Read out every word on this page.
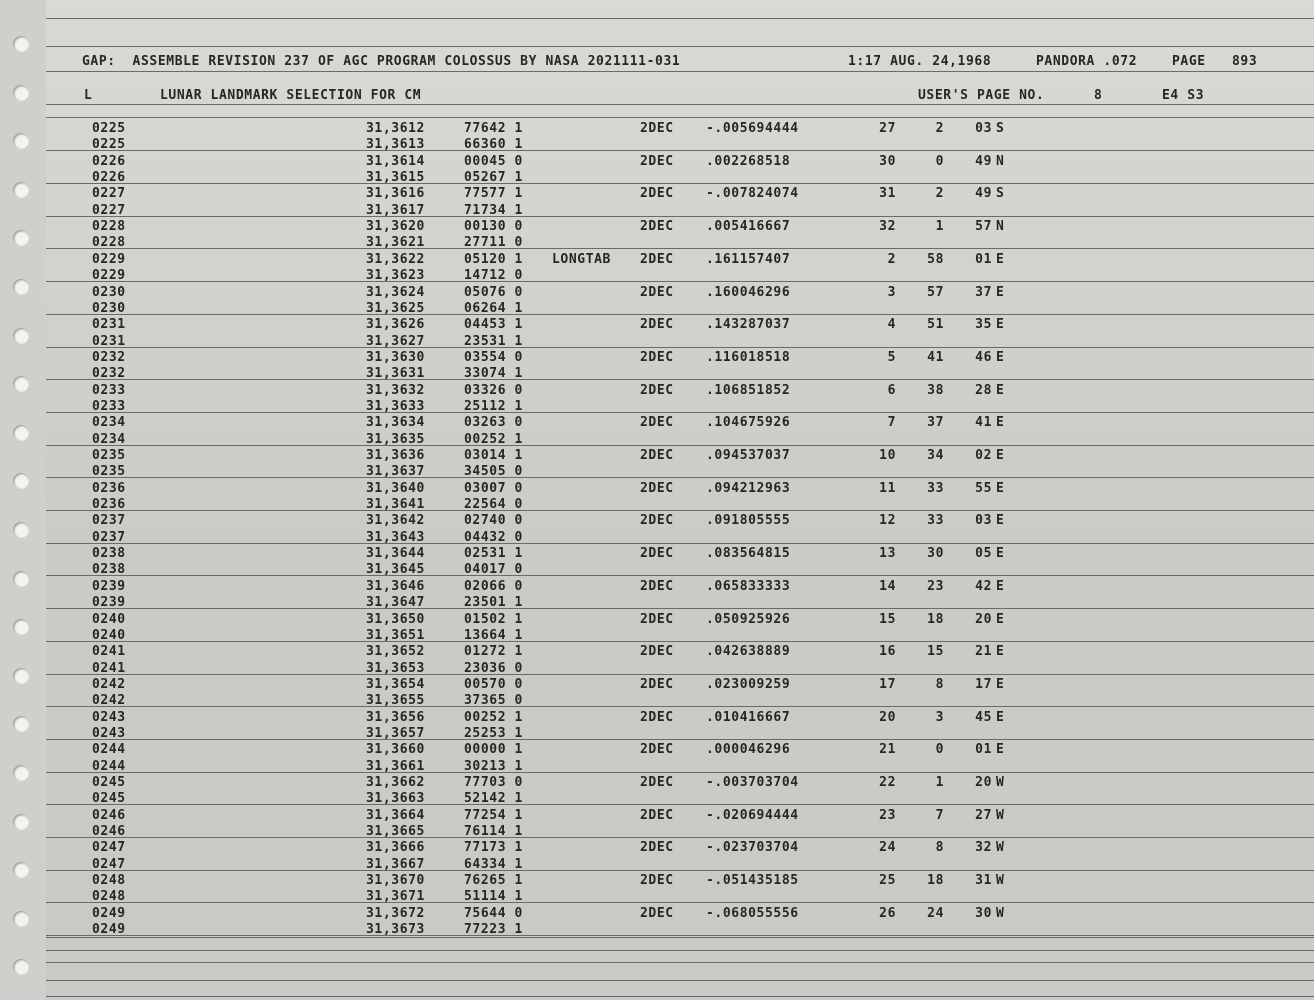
GAP:  ASSEMBLE REVISION 237 OF AGC PROGRAM COLOSSUS BY NASA 2021111-031	1:17 AUG. 24,1968	PANDORA .072	PAGE 893
L	LUNAR LANDMARK SELECTION FOR CM	USER'S PAGE NO.	8	E4 S3
0225	31,3612	77642 1	2DEC -.005694444	27	2	03 S
0225	31,3613	66360 1
0226	31,3614	00045 0	2DEC .002268518	30	0	49 N
0226	31,3615	05267 1
0227	31,3616	77577 1	2DEC -.007824074	31	2	49 S
0227	31,3617	71734 1
0228	31,3620	00130 0	2DEC .005416667	32	1	57 N
0228	31,3621	27711 0
0229	31,3622	05120 1 LONGTAB 2DEC .161157407	2	58	01 E
0229	31,3623	14712 0
0230	31,3624	05076 0	2DEC .160046296	3	57	37 E
0230	31,3625	06264 1
0231	31,3626	04453 1	2DEC .143287037	4	51	35 E
0231	31,3627	23531 1
0232	31,3630	03554 0	2DEC .116018518	5	41	46 E
0232	31,3631	33074 1
0233	31,3632	03326 0	2DEC .106851852	6	38	28 E
0233	31,3633	25112 1
0234	31,3634	03263 0	2DEC .104675926	7	37	41 E
0234	31,3635	00252 1
0235	31,3636	03014 1	2DEC .094537037	10	34	02 E
0235	31,3637	34505 0
0236	31,3640	03007 0	2DEC .094212963	11	33	55 E
0236	31,3641	22564 0
0237	31,3642	02740 0	2DEC .091805555	12	33	03 E
0237	31,3643	04432 0
0238	31,3644	02531 1	2DEC .083564815	13	30	05 E
0238	31,3645	04017 0
0239	31,3646	02066 0	2DEC .065833333	14	23	42 E
0239	31,3647	23501 1
0240	31,3650	01502 1	2DEC .050925926	15	18	20 E
0240	31,3651	13664 1
0241	31,3652	01272 1	2DEC .042638889	16	15	21 E
0241	31,3653	23036 0
0242	31,3654	00570 0	2DEC .023009259	17	8	17 E
0242	31,3655	37365 0
0243	31,3656	00252 1	2DEC .010416667	20	3	45 E
0243	31,3657	25253 1
0244	31,3660	00000 1	2DEC .000046296	21	0	01 E
0244	31,3661	30213 1
0245	31,3662	77703 0	2DEC -.003703704	22	1	20 W
0245	31,3663	52142 1
0246	31,3664	77254 1	2DEC -.020694444	23	7	27 W
0246	31,3665	76114 1
0247	31,3666	77173 1	2DEC -.023703704	24	8	32 W
0247	31,3667	64334 1
0248	31,3670	76265 1	2DEC -.051435185	25	18	31 W
0248	31,3671	51114 1
0249	31,3672	75644 0	2DEC -.068055556	26	24	30 W
0249	31,3673	77223 1
